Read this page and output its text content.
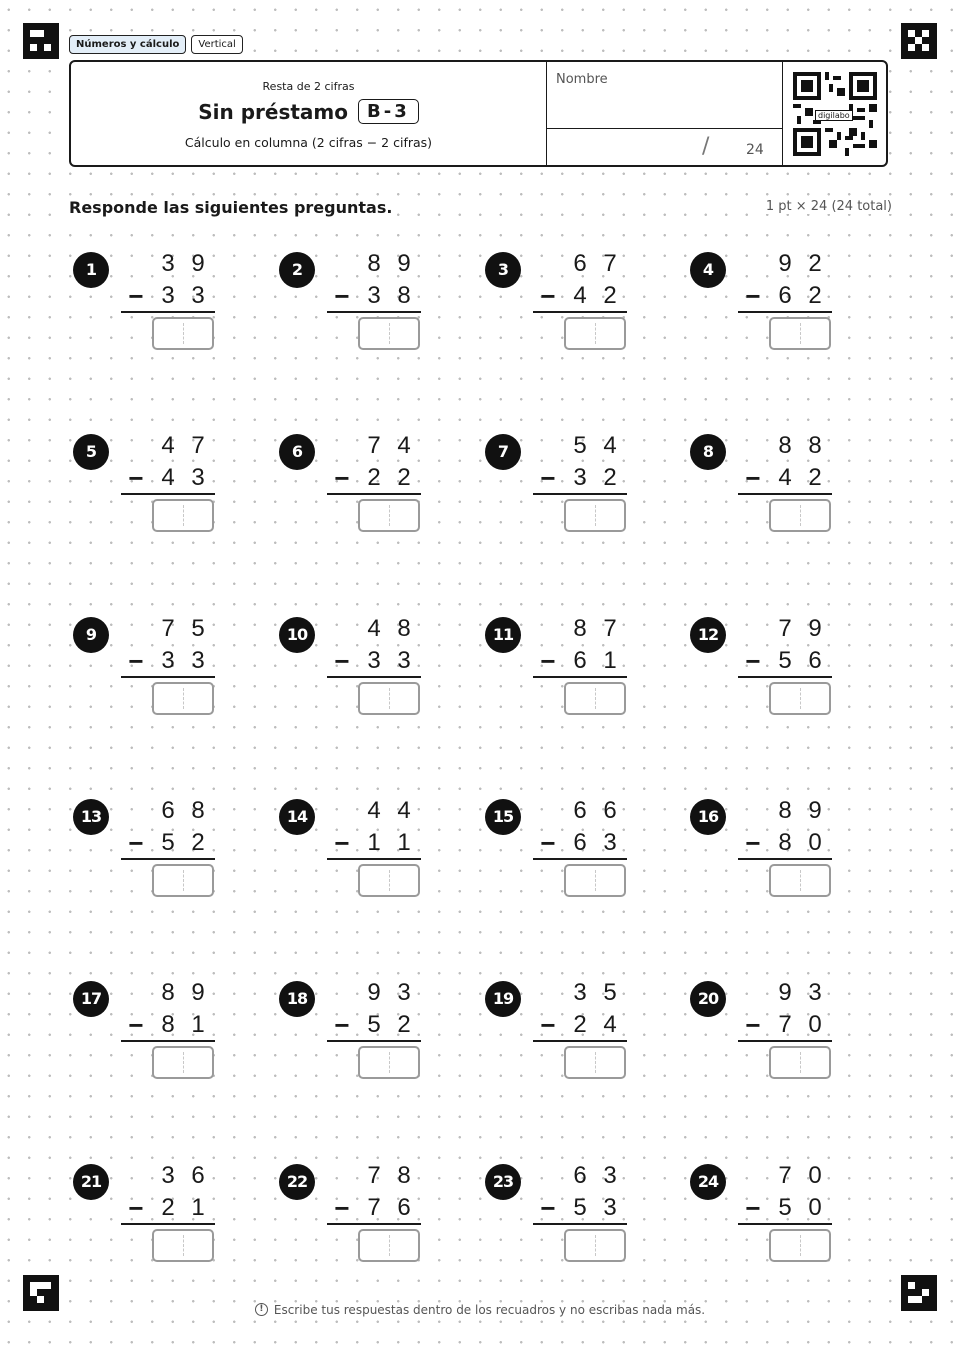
Números y cálculo	Vertical
Resta de 2 cifras
Sin préstamo	B-3
Cálculo en columna (2 cifras − 2 cifras)
Nombre
/	24
digilabo
Responde las siguientes preguntas.	1 pt × 24 (24 total)
1	3 9
− 3 3
2	8 9
− 3 8
3	6 7
− 4 2
4	9 2
− 6 2
5	4 7
− 4 3
6	7 4
− 2 2
7	5 4
− 3 2
8	8 8
− 4 2
9	7 5
− 3 3
10	4 8
− 3 3
11	8 7
− 6 1
12	7 9
− 5 6
13	6 8
− 5 2
14	4 4
− 1 1
15	6 6
− 6 3
16	8 9
− 8 0
17	8 9
− 8 1
18	9 3
− 5 2
19	3 5
− 2 4
20	9 3
− 7 0
21	3 6
− 2 1
22	7 8
− 7 6
23	6 3
− 5 3
24	7 0
− 5 0
! Escribe tus respuestas dentro de los recuadros y no escribas nada más.
